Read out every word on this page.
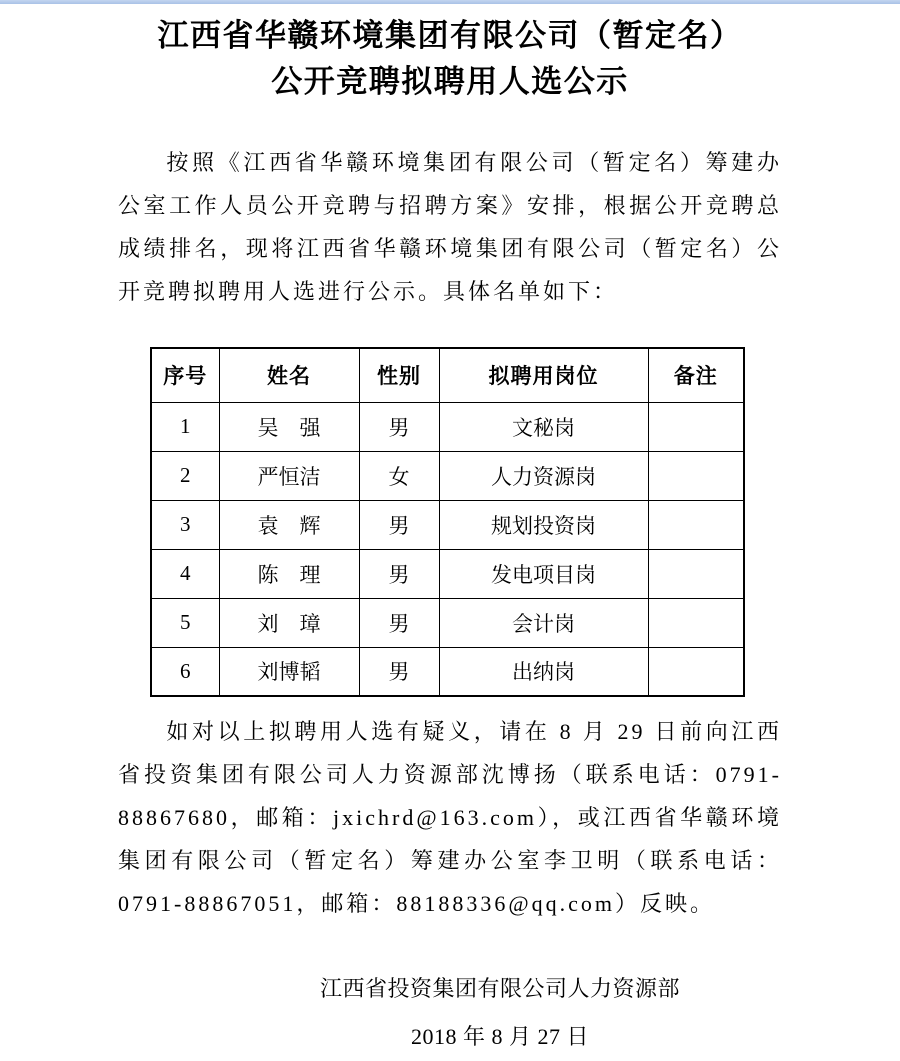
江西省华赣环境集团有限公司（暂定名）
公开竞聘拟聘用人选公示

按照《江西省华赣环境集团有限公司（暂定名）筹建办公室工作人员公开竞聘与招聘方案》安排，根据公开竞聘总成绩排名，现将江西省华赣环境集团有限公司（暂定名）公开竞聘拟聘用人选进行公示。具体名单如下：

序号	姓名	性别	拟聘用岗位	备注
1	吴　强	男	文秘岗	
2	严恒洁	女	人力资源岗	
3	袁　辉	男	规划投资岗	
4	陈　理	男	发电项目岗	
5	刘　璋	男	会计岗	
6	刘博韬	男	出纳岗	

如对以上拟聘用人选有疑义，请在 8 月 29 日前向江西省投资集团有限公司人力资源部沈博扬（联系电话：0791-88867680，邮箱：jxichrd@163.com），或江西省华赣环境集团有限公司（暂定名）筹建办公室李卫明（联系电话：0791-88867051，邮箱：88188336@qq.com）反映。

江西省投资集团有限公司人力资源部
2018 年 8 月 27 日
